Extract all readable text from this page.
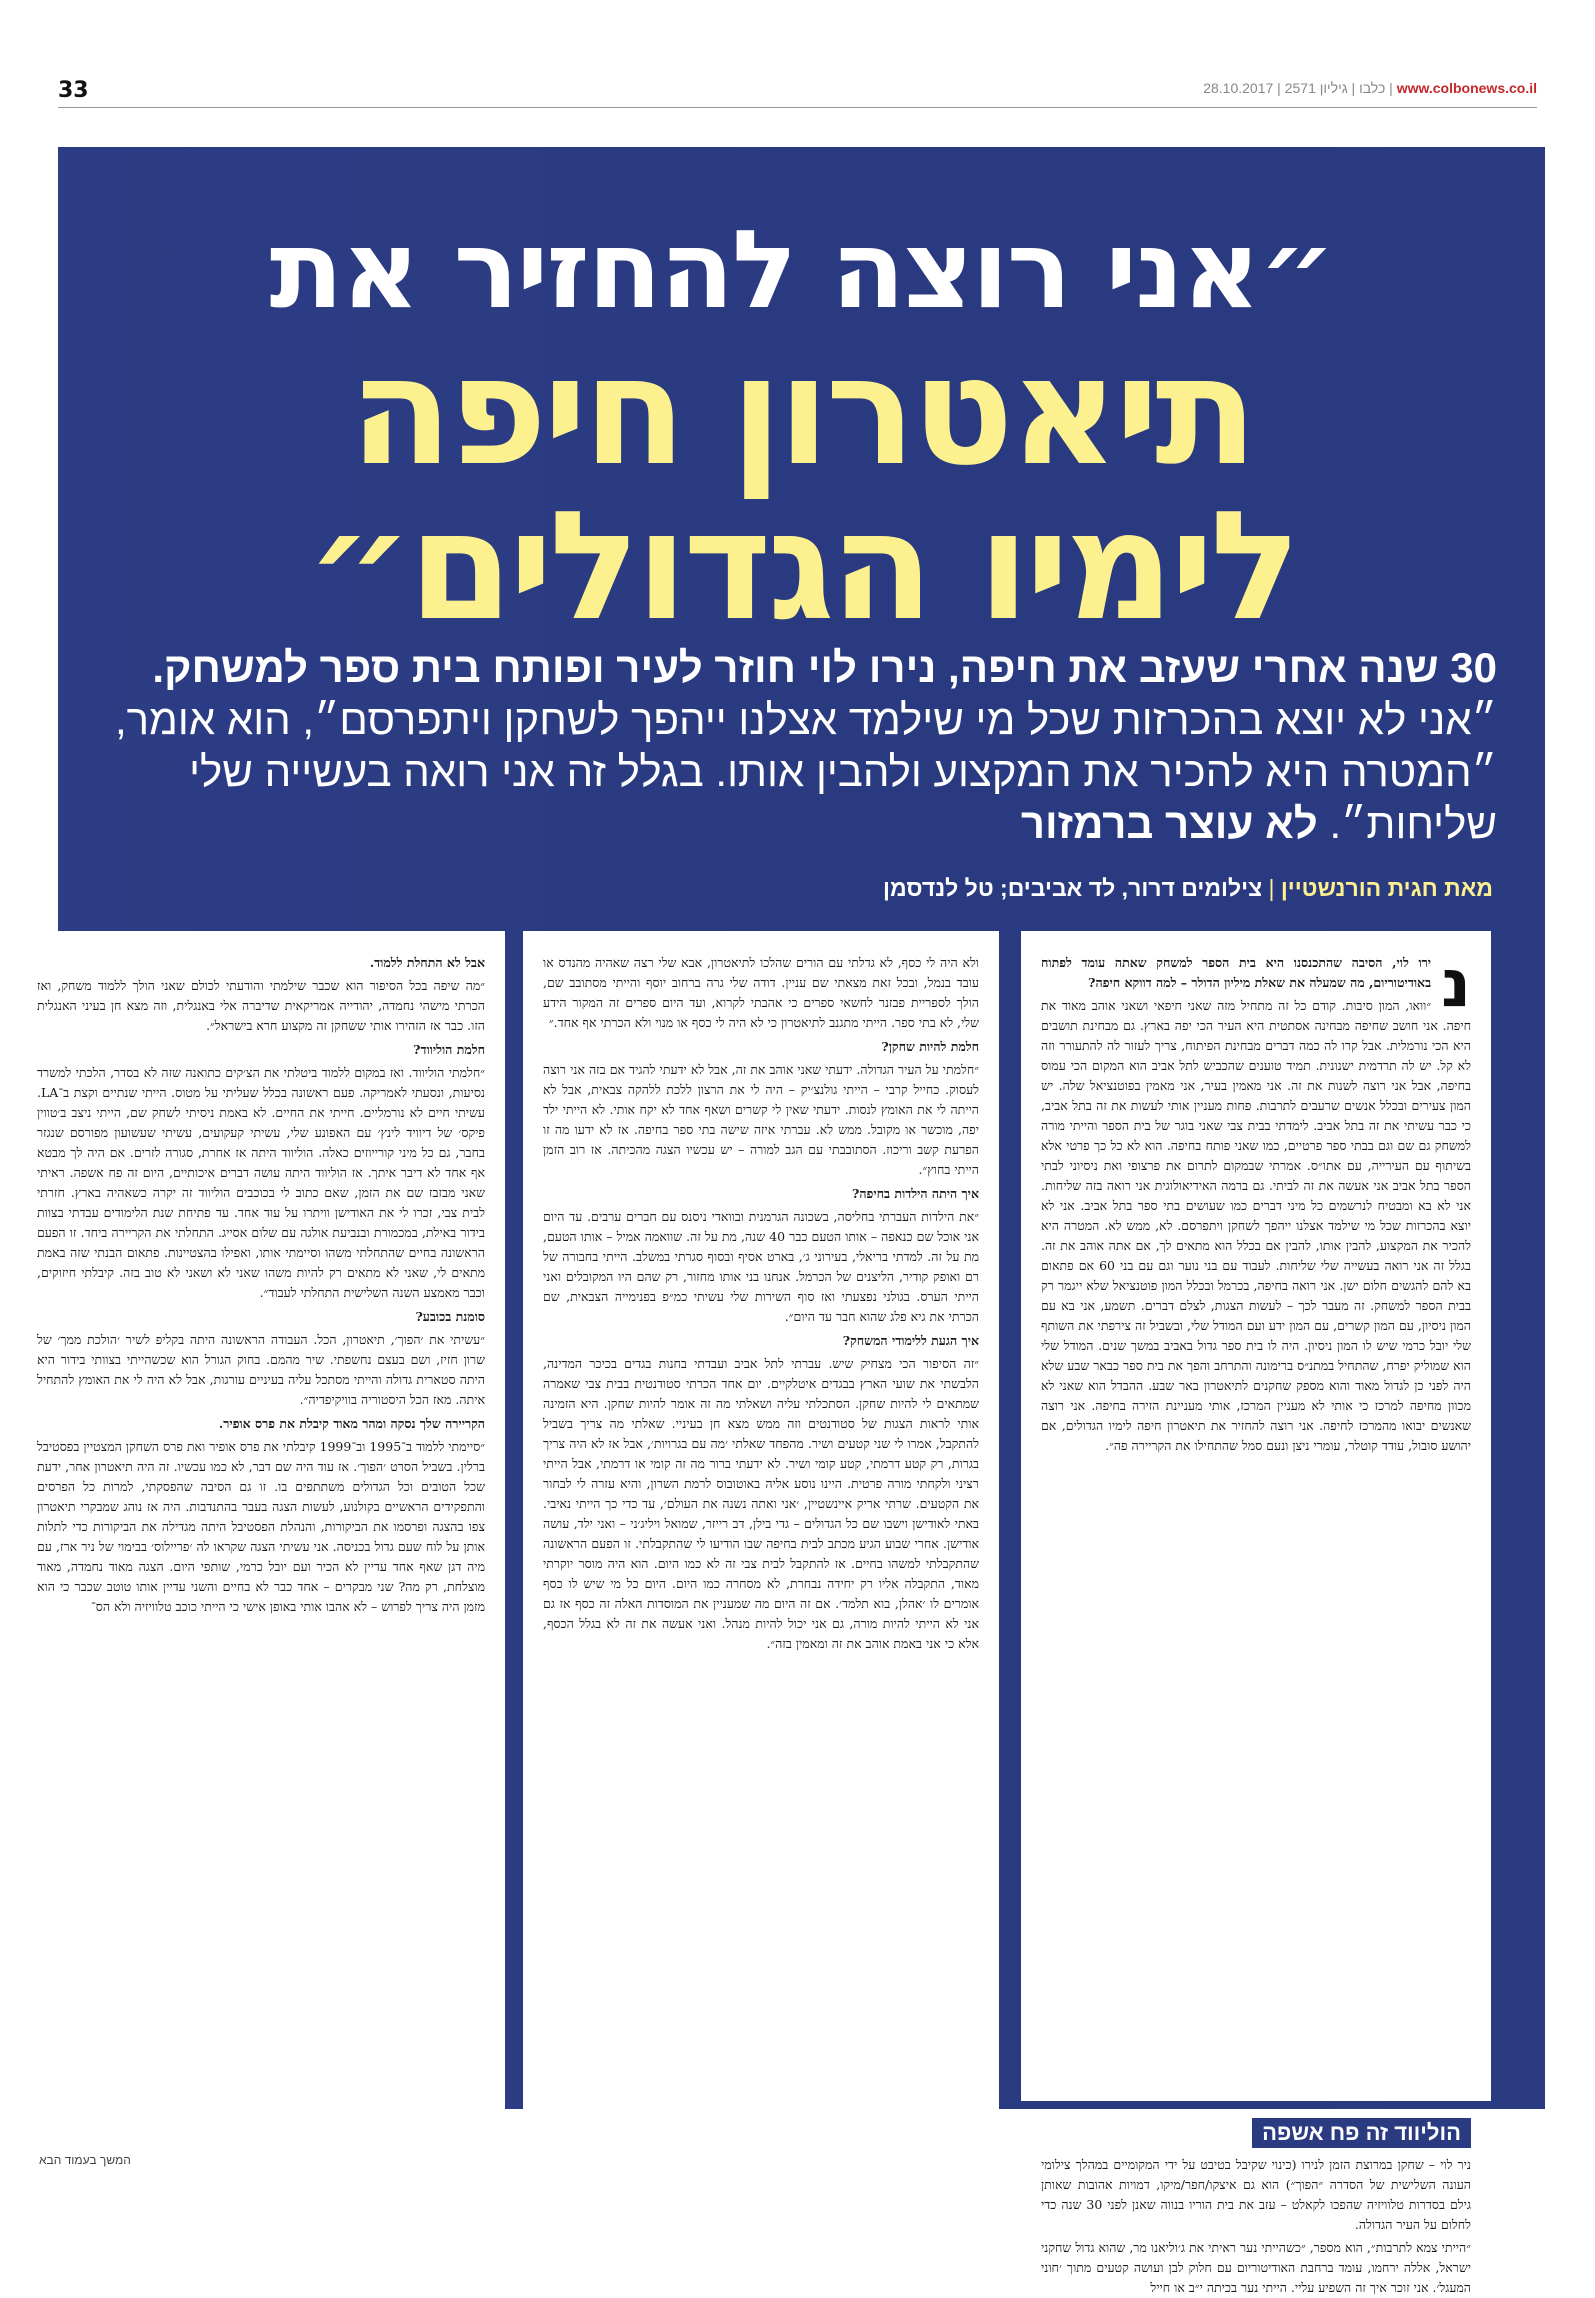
33	www.colbonews.co.il | כלבו | גיליון 2571 | 28.10.2017
״אני רוצה להחזיר את
תיאטרון חיפה
לימיו הגדולים״
30 שנה אחרי שעזב את חיפה, נירו לוי חוזר לעיר ופותח בית ספר למשחק. ״אני לא יוצא בהכרזות שכל מי שילמד אצלנו ייהפך לשחקן ויתפרסם״, הוא אומר, ״המטרה היא להכיר את המקצוע ולהבין אותו. בגלל זה אני רואה בעשייה שלי שליחות״. לא עוצר ברמזור
מאת חגית הורנשטיין | צילומים דרור, לד אביבים; טל לנדסמן
נ

ירו לוי, הסיבה שהתכנסנו היא בית הספר למשחק שאתה עומד לפתוח באודיטוריום, מה שמעלה את שאלת מיליון הדולר – למה דווקא חיפה?

״וואו, המון סיבות. קודם כל זה מתחיל מזה שאני חיפאי ושאני אוהב מאוד את חיפה. אני חושב שחיפה מבחינה אסתטית היא העיר הכי יפה בארץ. גם מבחינת תושבים היא הכי נורמלית. אבל קרו לה כמה דברים מבחינת הפיתוח, צריך לעזור לה להתעורר וזה לא קל. יש לה תרדמית ישנונית. תמיד טוענים שהכביש לתל אביב הוא המקום הכי עמוס בחיפה, אבל אני רוצה לשנות את זה. אני מאמין בעיר, אני מאמין בפוטנציאל שלה. יש המון צעירים ובכלל אנשים שרעבים לתרבות. פחות מעניין אותי לעשות את זה בתל אביב, כי כבר עשיתי את זה בתל אביב. לימדתי בבית צבי שאני בוגר של בית הספר והייתי מורה למשחק גם שם וגם בבתי ספר פרטיים, כמו שאני פותח בחיפה. הוא לא כל כך פרטי אלא בשיתוף עם העירייה, עם אתו״ס. אמרתי שבמקום לתרום את פרצופי ואת ניסיוני לבתי הספר בתל אביב אני אעשה את זה לביתי. גם ברמה האידיאולוגית אני רואה בזה שליחות. אני לא בא ומבטיח לנרשמים כל מיני דברים כמו שעושים בתי ספר בתל אביב. אני לא יוצא בהכרזות שכל מי שילמד אצלנו ייהפך לשחקן ויתפרסם. לא, ממש לא. המטרה היא להכיר את המקצוע, להבין אותו, להבין אם בכלל הוא מתאים לך, אם אתה אוהב את זה. בגלל זה אני רואה בעשייה שלי שליחות. לעבוד עם בני נוער וגם עם בני 60 אם פתאום בא להם להגשים חלום ישן. אני רואה בחיפה, בכרמל ובכלל המון פוטנציאל שלא ייגמר רק בבית הספר למשחק. זה מעבר לכך – לעשות הצגות, לצלם דברים. תשמע, אני בא עם המון ניסיון, עם המון קשרים, עם המון ידע ועם המודל שלי, ובשביל זה צירפתי את השותף שלי יובל כרמי שיש לו המון ניסיון. היה לו בית ספר גדול באביב במשך שנים. המודל שלי הוא שמוליק יפרח, שהתחיל במתנ״ס ברימונה והתרחב והפך את בית ספר כבאר שבע שלא היה לפני כן לגדול מאוד והוא מספק שחקנים לתיאטרון באר שבע. ההבדל הוא שאני לא מכוון מחיפה למרכז כי אותי לא מעניין המרכז, אותי מעניינת הזירה בחיפה. אני רוצה שאנשים יבואו מהמרכז לחיפה. אני רוצה להחזיר את תיאטרון חיפה לימיו הגדולים, אם יהושע סובול, עודד קוטלר, עומרי ניצן ונעם סמל שהתחילו את הקריירה פה״.

הוליווד זה פח אשפה

ניר לוי – שחקן במרוצת הזמן לנירו (כינוי שקיבל בטיבט על ידי המקומיים במהלך צילומי העונה השלישית של הסדרה ״הפוך״) הוא גם איצקו/חפר/מיקו, דמויות אהובות שאותן גילם בסדרות טלוויזיה שהפכו לקאלט – עזב את בית הוריו בנווה שאנן לפני 30 שנה כדי לחלום על העיר הגדולה.

״הייתי צמא לתרבות״, הוא מספר, ״כשהייתי נער ראיתי את ג׳וליאנו מר, שהוא גדול שחקני ישראל, אללה ירחמו, עומד ברחבת האודיטוריום עם חלוק לבן ועושה קטעים מתוך ׳חוני המעגל׳. אני זוכר איך זה השפיע עליי. הייתי נער בכיתה י״ב או חייל

ולא היה לי כסף, לא גדלתי עם הורים שהלכו לתיאטרון, אבא שלי רצה שאהיה מהנדס או עובד בנמל, ובכל זאת מצאתי שם עניין. דודה שלי גרה ברחוב יוסף והייתי מסתובב שם, הולך לספריית פבזנר לחשאי ספרים כי אהבתי לקרוא, ועד היום ספרים זה המקור הידע שלי, לא בתי ספר. הייתי מתגנב לתיאטרון כי לא היה לי כסף או מנוי ולא הכרתי אף אחד.״

חלמת להיות שחקן?

״חלמתי על העיר הגדולה. ידעתי שאני אוהב את זה, אבל לא ידעתי להגיד אם בזה אני רוצה לעסוק. כחייל קרבי – הייתי גולנצ׳יק – היה לי את הרצון ללכת ללהקה צבאית, אבל לא הייתה לי את האומץ לנסות. ידעתי שאין לי קשרים ושאף אחד לא יקח אותי. לא הייתי ילד יפה, מוכשר או מקובל. ממש לא. עברתי איזה שישה בתי ספר בחיפה. אז לא ידעו מה זו הפרעת קשב וריכוז. הסתובבתי עם הגב למורה – יש עכשיו הצגה מהכיתה. אז רוב הזמן הייתי בחוץ״.

איך היתה הילדות בחיפה?

״את הילדות העברתי בחליסה, בשכונה הגרמנית ובוואדי ניסנס עם חברים ערבים. עד היום אני אוכל שם כנאפה – אותו הטעם כבר 40 שנה, מת על זה. שוואמה אמיל – אותו הטעם, מת על זה. למדתי בריאלי, בעירוני ג׳, בארט אסיף ובסוף סגרתי במשלב. הייתי בחבורה של רם ואופק קודיר, הליצנים של הכרמל. אנחנו בני אותו מחזור, רק שהם היו המקובלים ואני הייתי הערס. בגולני נפצעתי ואז סוף השירות שלי עשיתי כמ״פ בפנימייה הצבאית, שם הכרתי את גיא פלג שהוא חבר עד היום״.

איך הגעת ללימודי המשחק?

״זה הסיפור הכי מצחיק שיש. עברתי לתל אביב ועבדתי בחנות בגדים בכיכר המדינה, הלבשתי את שועי הארץ בבגדים איטלקיים. יום אחד הכרתי סטודנטית בבית צבי שאמרה שמתאים לי להיות שחקן. הסתכלתי עליה ושאלתי מה זה אומר להיות שחקן. היא הזמינה אותי לראות הצגות של סטודנטים וזה ממש מצא חן בעיניי. שאלתי מה צריך בשביל להתקבל, אמרו לי שני קטעים ושיר. מהפחד שאלתי ׳מה עם בגרויות׳, אבל אז לא היה צריך בגרות, רק קטע דרמתי, קטע קומי ושיר. לא ידעתי ברור מה זה קומי או דרמתי, אבל הייתי רציני ולקחתי מורה פרטית. היינו נוסע אליה באוטובוס לרמת השרון, והיא עזרה לי לבחור את הקטעים. שרתי אריק איינשטיין, ׳אני ואתה נשנה את העולם׳, עד כדי כך הייתי נאיבי. באתי לאודישן וישבו שם כל הגדולים – גדי בילן, דב רייזר, שמואל ויליג׳ני – ואני ילד, עושה אודישן. אחרי שבוע הגיע מכתב לבית בחיפה שבו הודיעו לי שהתקבלתי. זו הפעם הראשונה שהתקבלתי למשהו בחיים. אז להתקבל לבית צבי זה לא כמו היום. הוא היה מוסר יוקרתי מאוד, התקבלה אליו רק יחידה נבחרת, לא מסחרה כמו היום. היום כל מי שיש לו כסף אומרים לו ׳אהלן, בוא תלמד׳. אם זה היום מה שמעניין את המוסדות האלה זה כסף אז גם אני לא הייתי להיות מורה, גם אני יכול להיות מנהל. ואני אעשה את זה לא בגלל הכסף, אלא כי אני באמת אוהב את זה ומאמין בזה״.

אבל לא התחלת ללמוד.

״מה שיפה בכל הסיפור הוא שכבר שילמתי והודעתי לכולם שאני הולך ללמוד משחק, ואז הכרתי מישהי נחמדה, יהודייה אמריקאית שדיברה אלי באנגלית, וזה מצא חן בעיני האנגלית הזו. כבר אז הזהירו אותי ששחקן זה מקצוע חרא בישראל״.

חלמת הוליווד?

״חלמתי הוליווד. ואז במקום ללמוד ביטלתי את הצ׳קים כתואנה שזה לא בסדר, הלכתי למשרד נסיעות, ונסעתי לאמריקה. פעם ראשונה בכלל שעליתי על מטוס. הייתי שנתיים וקצת ב־LA. עשיתי חיים לא נורמליים. חייתי את החיים. לא באמת ניסיתי לשחק שם, הייתי ניצב ב׳טווין פיקס׳ של דיוויד לינץ׳ עם האפונע שלי, עשיתי קעקועים, עשיתי שעשועון מפורסם שנגזר בחבר, גם כל מיני קורייוזים כאלה. הוליווד היתה אז אחרת, סגורה לזרים. אם היה לך מבטא אף אחד לא דיבר איתך. אז הוליווד היתה עושה דברים איכותיים, היום זה פח אשפה. ראיתי שאני מבזבז שם את הזמן, שאם כתוב לי בכוכבים הוליווד זה יקרה כשאהיה בארץ. חזרתי לבית צבי, זכרו לי את האודישן וויתרו על עוד אחד. עד פתיחת שנת הלימודים עבדתי בצוות בידור באילת, במכמורת ובנביעת אולגה עם שלום אסייג. התחלתי את הקריירה ביחד. זו הפעם הראשונה בחיים שהתחלתי משהו וסיימתי אותו, ואפילו בהצטיינות. פתאום הבנתי שזה באמת מתאים לי, שאני לא מתאים רק להיות משהו שאני לא ושאני לא טוב בזה. קיבלתי חיזוקים, וכבר מאמצע השנה השלישית התחלתי לעבוד״.

סומנת בכובע?

״עשיתי את ׳הפוך׳, תיאטרון, הכל. העבודה הראשונה היתה בקליפ לשיר ׳הולכת ממך׳ של שרון חזיז, ושם בעצם נחשפתי. שיר מהמם. בחוק הגורל הוא שכשהייתי בצוותי בידור היא היתה סטארית גדולה והייתי מסתכל עליה בעיניים עורגות, אבל לא היה לי את האומץ להתחיל איתה. מאז הכל היסטוריה בוויקיפדיה״.

הקריירה שלך נסקה ומהר מאוד קיבלת את פרס אופיר.

״סיימתי ללמוד ב־1995 וב־1999 קיבלתי את פרס אופיר ואת פרס השחקן המצטיין בפסטיבל ברלין. בשביל הסרט ׳הפוך׳. אז עוד היה שם דבר, לא כמו עכשיו. זה היה תיאטרון אחר, ידעת שכל הטובים וכל הגדולים משתתפים בו. זו גם הסיבה שהפסקתי, למרות כל הפרסים והתפקידים הראשיים בקולנוע, לעשות הצגה בעבר בהתנדבות. היה אז נוהג שמבקרי תיאטרון צפו בהצגה ופרסמו את הביקורות, והנהלת הפסטיבל היתה מגדילה את הביקורות כדי לתלות אותן על לוח שעם גדול בכניסה. אני עשיתי הצגה שקראו לה ׳פריילוס׳ בבימוי של ניר ארז, עם מיה דגן שאף אחד עדיין לא הכיר ועם יובל כרמי, שותפי היום. הצגה מאוד נחמדה, מאוד מוצלחת, רק מה? שני מבקרים – אחד כבר לא בחיים והשני עדיין אותו טוטב שכבר כי הוא מזמן היה צריך לפרוש – לא אהבו אותי באופן אישי כי הייתי כוכב טלוויזיה ולא הס־

המשך בעמוד הבא
